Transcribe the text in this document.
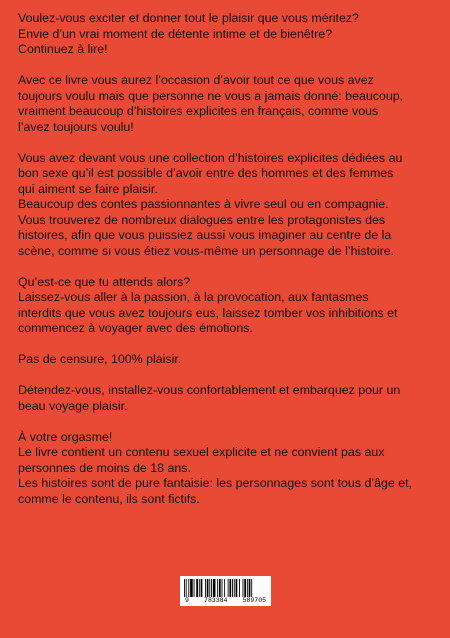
Voulez-vous exciter et donner tout le plaisir que vous méritez?
Envie d’un vrai moment de détente intime et de bienêtre?
Continuez à lire!

Avec ce livre vous aurez l’occasion d’avoir tout ce que vous avez
toujours voulu mais que personne ne vous a jamais donné: beaucoup,
vraiment beaucoup d’histoires explicites en français, comme vous
l’avez toujours voulu!

Vous avez devant vous une collection d’histoires explicites dédiées au
bon sexe qu’il est possible d’avoir entre des hommes et des femmes
qui aiment se faire plaisir.
Beaucoup des contes passionnantes à vivre seul ou en compagnie.
Vous trouverez de nombreux dialogues entre les protagonistes des
histoires, afin que vous puissiez aussi vous imaginer au centre de la
scène, comme si vous étiez vous-même un personnage de l’histoire.

Qu’est-ce que tu attends alors?
Laissez-vous aller à la passion, à la provocation, aux fantasmes
interdits que vous avez toujours eus, laissez tomber vos inhibitions et
commencez à voyager avec des émotions.

Pas de censure, 100% plaisir.

Détendez-vous, installez-vous confortablement et embarquez pour un
beau voyage plaisir.

À votre orgasme!
Le livre contient un contenu sexuel explicite et ne convient pas aux
personnes de moins de 18 ans.
Les histoires sont de pure fantaisie: les personnages sont tous d’âge et,
comme le contenu, ils sont fictifs.

9 783384 589705
